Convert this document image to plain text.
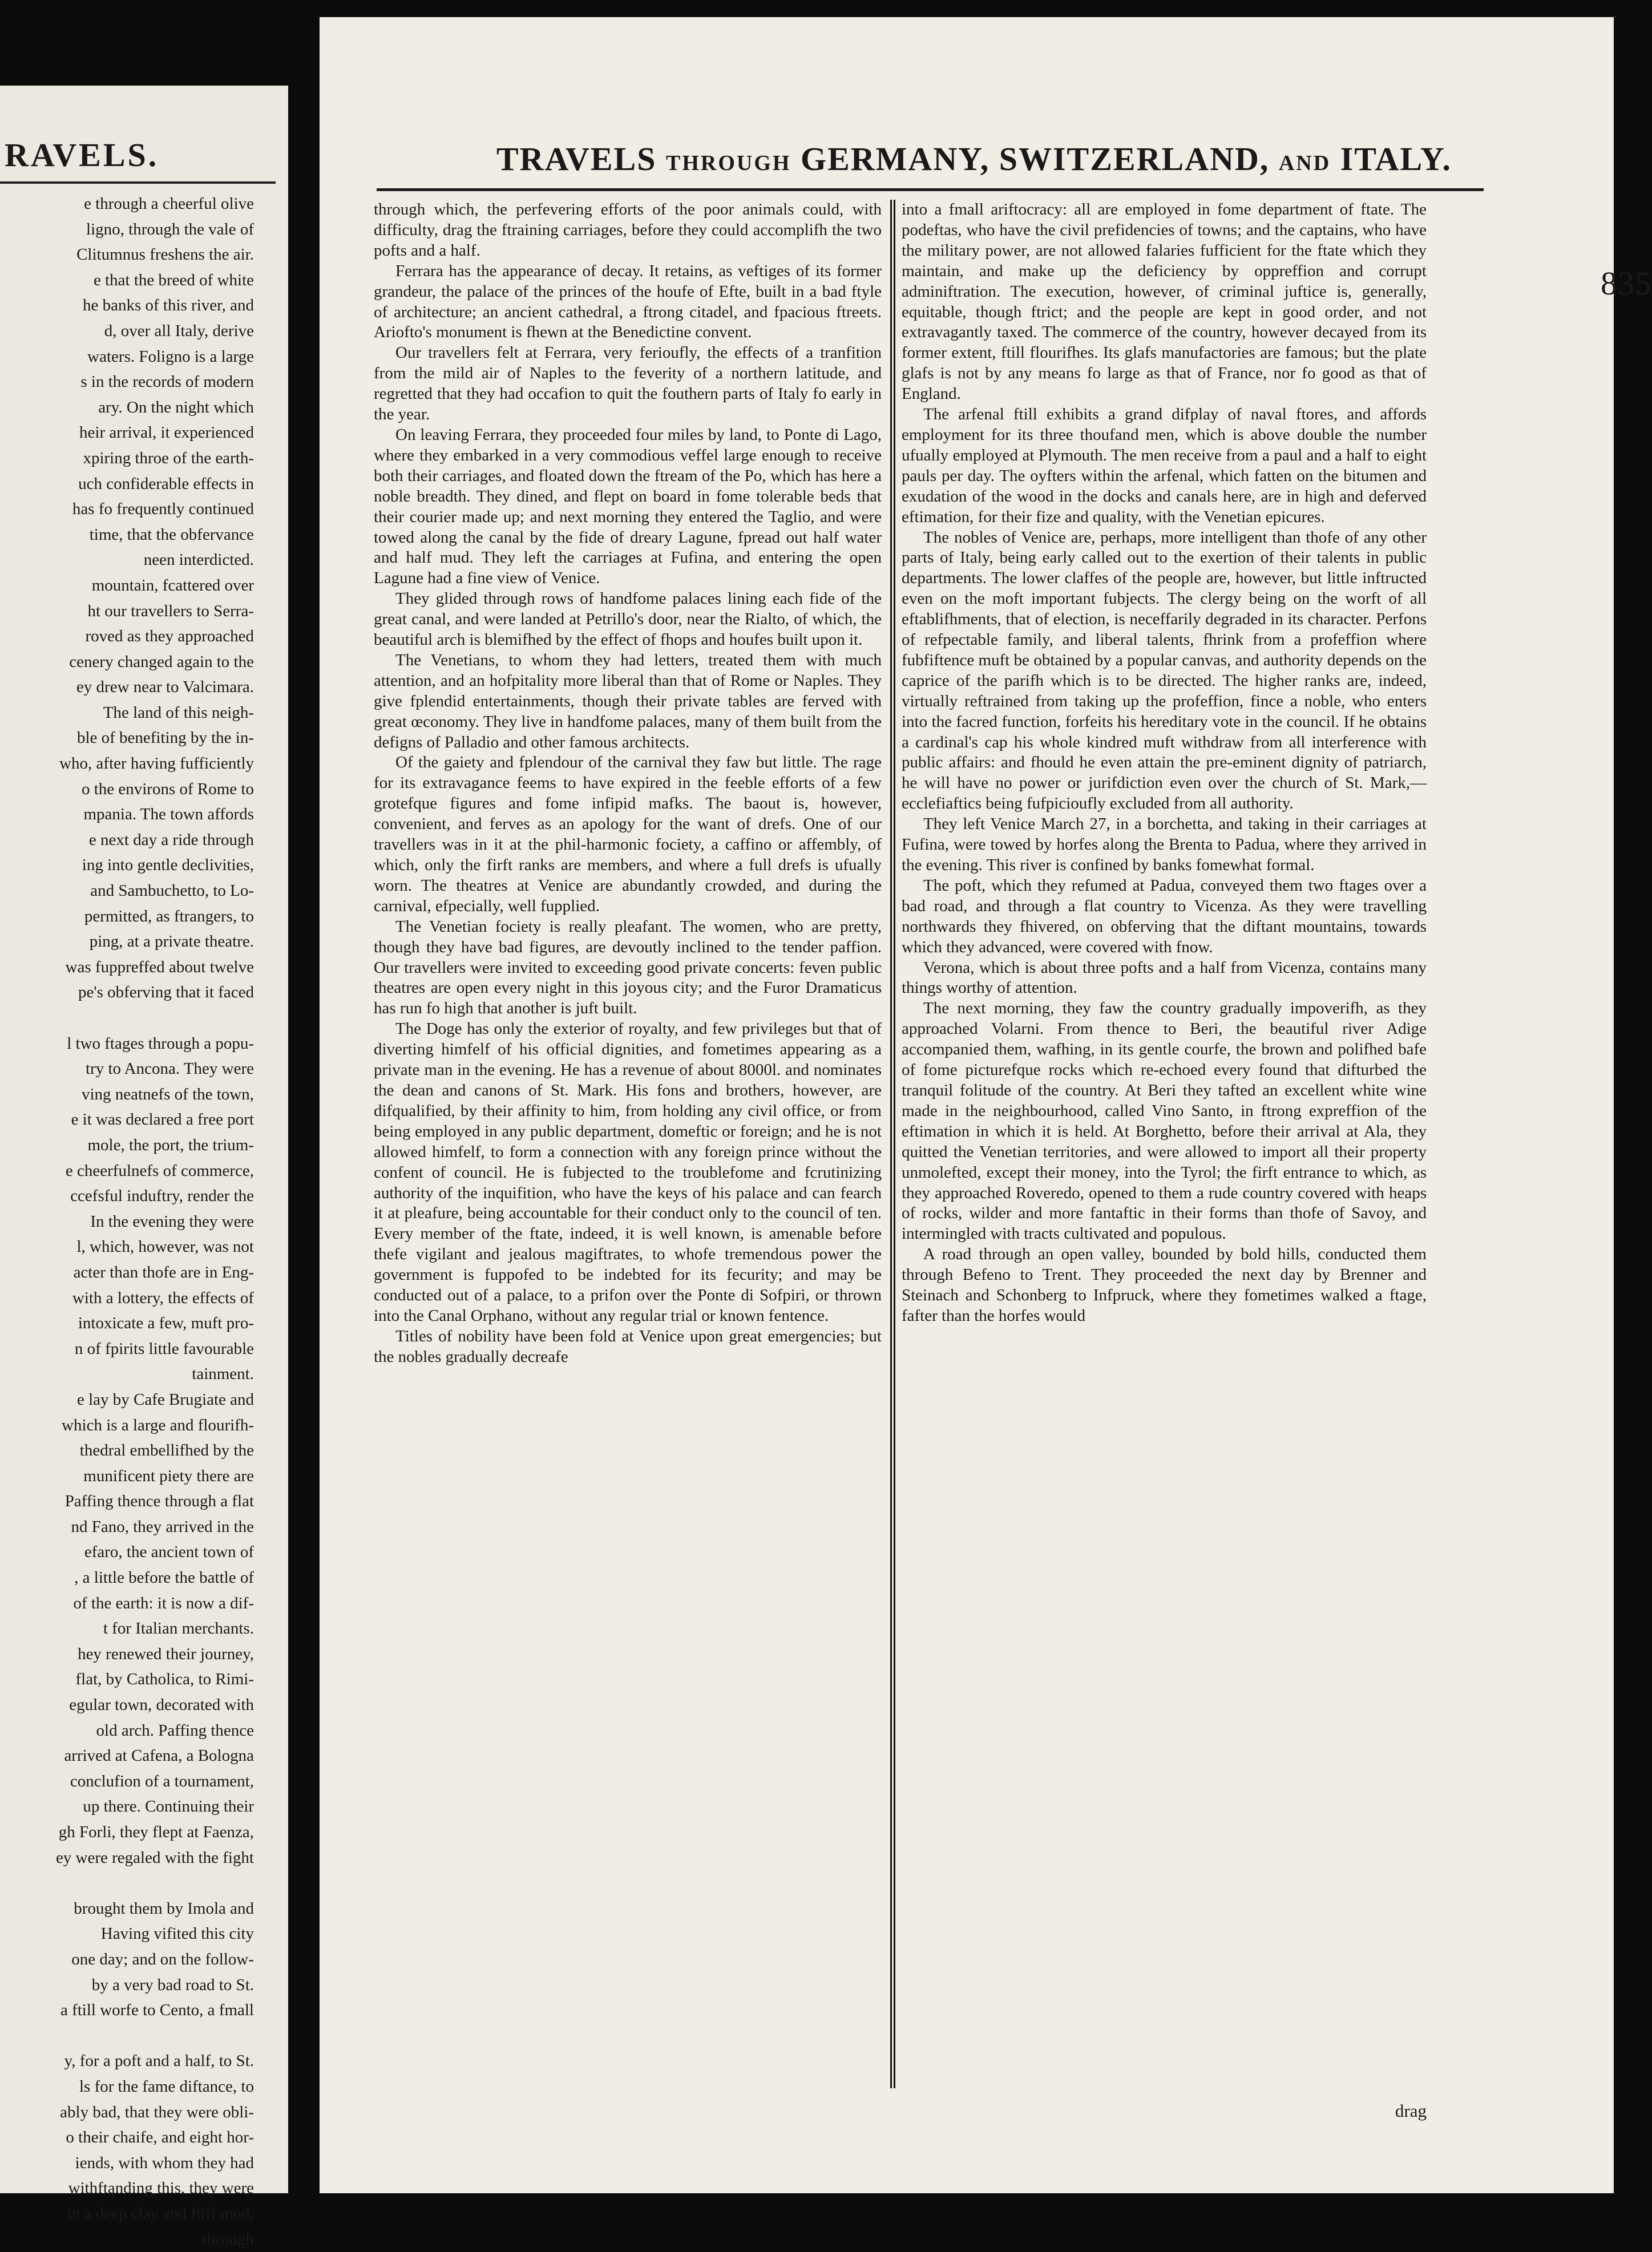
RAVELS.
e through a cheerful olive
ligno, through the vale of
Clitumnus freshens the air.
e that the breed of white
he banks of this river, and
d, over all Italy, derive
waters. Foligno is a large
s in the records of modern
ary. On the night which
heir arrival, it experienced
xpiring throe of the earth-
uch confiderable effects in
has fo frequently continued
time, that the obfervance
neen interdicted.
mountain, fcattered over
ht our travellers to Serra-
roved as they approached
cenery changed again to the
ey drew near to Valcimara.
The land of this neigh-
ble of benefiting by the in-
who, after having fufficiently
o the environs of Rome to
mpania. The town affords
e next day a ride through
ing into gentle declivities,
and Sambuchetto, to Lo-
permitted, as ftrangers, to
ping, at a private theatre.
was fuppreffed about twelve
pe's obferving that it faced
l two ftages through a popu-
try to Ancona. They were
ving neatnefs of the town,
e it was declared a free port
mole, the port, the trium-
e cheerfulnefs of commerce,
ccefsful induftry, render the
In the evening they were
l, which, however, was not
acter than thofe are in Eng-
with a lottery, the effects of
intoxicate a few, muft pro-
n of fpirits little favourable
tainment.
e lay by Cafe Brugiate and
which is a large and flourifh-
thedral embellifhed by the
munificent piety there are
Paffing thence through a flat
nd Fano, they arrived in the
efaro, the ancient town of
, a little before the battle of
of the earth: it is now a dif-
t for Italian merchants.
hey renewed their journey,
flat, by Catholica, to Rimi-
egular town, decorated with
old arch. Paffing thence
arrived at Cafena, a Bologna
conclufion of a tournament,
up there. Continuing their
gh Forli, they flept at Faenza,
ey were regaled with the fight
brought them by Imola and
Having vifited this city
one day; and on the follow-
by a very bad road to St.
a ftill worfe to Cento, a fmall
y, for a poft and a half, to St.
ls for the fame diftance, to
ably bad, that they were obli-
o their chaife, and eight hor-
iends, with whom they had
withftanding this, they were
in a deep clay and ftiff mud,
through
TRAVELS THROUGH GERMANY, SWITZERLAND, AND ITALY.
835

through which, the perfevering efforts of the poor animals could, with difficulty, drag the ftraining carriages, before they could accomplifh the two pofts and a half.

Ferrara has the appearance of decay. It retains, as veftiges of its former grandeur, the palace of the princes of the houfe of Efte, built in a bad ftyle of architecture; an ancient cathedral, a ftrong citadel, and fpacious ftreets. Ariofto's monument is fhewn at the Benedictine convent.

Our travellers felt at Ferrara, very ferioufly, the effects of a tranfition from the mild air of Naples to the feverity of a northern latitude, and regretted that they had occafion to quit the fouthern parts of Italy fo early in the year.

On leaving Ferrara, they proceeded four miles by land, to Ponte di Lago, where they embarked in a very commodious veffel large enough to receive both their carriages, and floated down the ftream of the Po, which has here a noble breadth. They dined, and flept on board in fome tolerable beds that their courier made up; and next morning they entered the Taglio, and were towed along the canal by the fide of dreary Lagune, fpread out half water and half mud. They left the carriages at Fufina, and entering the open Lagune had a fine view of Venice.

They glided through rows of handfome palaces lining each fide of the great canal, and were landed at Petrillo's door, near the Rialto, of which, the beautiful arch is blemifhed by the effect of fhops and houfes built upon it.

The Venetians, to whom they had letters, treated them with much attention, and an hofpitality more liberal than that of Rome or Naples. They give fplendid entertainments, though their private tables are ferved with great œconomy. They live in handfome palaces, many of them built from the defigns of Palladio and other famous architects.

Of the gaiety and fplendour of the carnival they faw but little. The rage for its extravagance feems to have expired in the feeble efforts of a few grotefque figures and fome infipid mafks. The baout is, however, convenient, and ferves as an apology for the want of drefs. One of our travellers was in it at the phil-harmonic fociety, a caffino or affembly, of which, only the firft ranks are members, and where a full drefs is ufually worn. The theatres at Venice are abundantly crowded, and during the carnival, efpecially, well fupplied.

The Venetian fociety is really pleafant. The women, who are pretty, though they have bad figures, are devoutly inclined to the tender paffion. Our travellers were invited to exceeding good private concerts: feven public theatres are open every night in this joyous city; and the Furor Dramaticus has run fo high that another is juft built.

The Doge has only the exterior of royalty, and few privileges but that of diverting himfelf of his official dignities, and fometimes appearing as a private man in the evening. He has a revenue of about 8000l. and nominates the dean and canons of St. Mark. His fons and brothers, however, are difqualified, by their affinity to him, from holding any civil office, or from being employed in any public department, domeftic or foreign; and he is not allowed himfelf, to form a connection with any foreign prince without the confent of council. He is fubjected to the troublefome and fcrutinizing authority of the inquifition, who have the keys of his palace and can fearch it at pleafure, being accountable for their conduct only to the council of ten. Every member of the ftate, indeed, it is well known, is amenable before thefe vigilant and jealous magiftrates, to whofe tremendous power the government is fuppofed to be indebted for its fecurity; and may be conducted out of a palace, to a prifon over the Ponte di Sofpiri, or thrown into the Canal Orphano, without any regular trial or known fentence.

Titles of nobility have been fold at Venice upon great emergencies; but the nobles gradually decreafe

into a fmall ariftocracy: all are employed in fome department of ftate. The podeftas, who have the civil prefidencies of towns; and the captains, who have the military power, are not allowed falaries fufficient for the ftate which they maintain, and make up the deficiency by oppreffion and corrupt adminiftration. The execution, however, of criminal juftice is, generally, equitable, though ftrict; and the people are kept in good order, and not extravagantly taxed. The commerce of the country, however decayed from its former extent, ftill flourifhes. Its glafs manufactories are famous; but the plate glafs is not by any means fo large as that of France, nor fo good as that of England.

The arfenal ftill exhibits a grand difplay of naval ftores, and affords employment for its three thoufand men, which is above double the number ufually employed at Plymouth. The men receive from a paul and a half to eight pauls per day. The oyfters within the arfenal, which fatten on the bitumen and exudation of the wood in the docks and canals here, are in high and deferved eftimation, for their fize and quality, with the Venetian epicures.

The nobles of Venice are, perhaps, more intelligent than thofe of any other parts of Italy, being early called out to the exertion of their talents in public departments. The lower claffes of the people are, however, but little inftructed even on the moft important fubjects. The clergy being on the worft of all eftablifhments, that of election, is neceffarily degraded in its character. Perfons of refpectable family, and liberal talents, fhrink from a profeffion where fubfiftence muft be obtained by a popular canvas, and authority depends on the caprice of the parifh which is to be directed. The higher ranks are, indeed, virtually reftrained from taking up the profeffion, fince a noble, who enters into the facred function, forfeits his hereditary vote in the council. If he obtains a cardinal's cap his whole kindred muft withdraw from all interference with public affairs: and fhould he even attain the pre-eminent dignity of patriarch, he will have no power or jurifdiction even over the church of St. Mark,—ecclefiaftics being fufpicioufly excluded from all authority.

They left Venice March 27, in a borchetta, and taking in their carriages at Fufina, were towed by horfes along the Brenta to Padua, where they arrived in the evening. This river is confined by banks fomewhat formal.

The poft, which they refumed at Padua, conveyed them two ftages over a bad road, and through a flat country to Vicenza. As they were travelling northwards they fhivered, on obferving that the diftant mountains, towards which they advanced, were covered with fnow.

Verona, which is about three pofts and a half from Vicenza, contains many things worthy of attention.

The next morning, they faw the country gradually impoverifh, as they approached Volarni. From thence to Beri, the beautiful river Adige accompanied them, wafhing, in its gentle courfe, the brown and polifhed bafe of fome picturefque rocks which re-echoed every found that difturbed the tranquil folitude of the country. At Beri they tafted an excellent white wine made in the neighbourhood, called Vino Santo, in ftrong expreffion of the eftimation in which it is held. At Borghetto, before their arrival at Ala, they quitted the Venetian territories, and were allowed to import all their property unmolefted, except their money, into the Tyrol; the firft entrance to which, as they approached Roveredo, opened to them a rude country covered with heaps of rocks, wilder and more fantaftic in their forms than thofe of Savoy, and intermingled with tracts cultivated and populous.

A road through an open valley, bounded by bold hills, conducted them through Befeno to Trent. They proceeded the next day by Brenner and Steinach and Schonberg to Infpruck, where they fometimes walked a ftage, fafter than the horfes would

drag
